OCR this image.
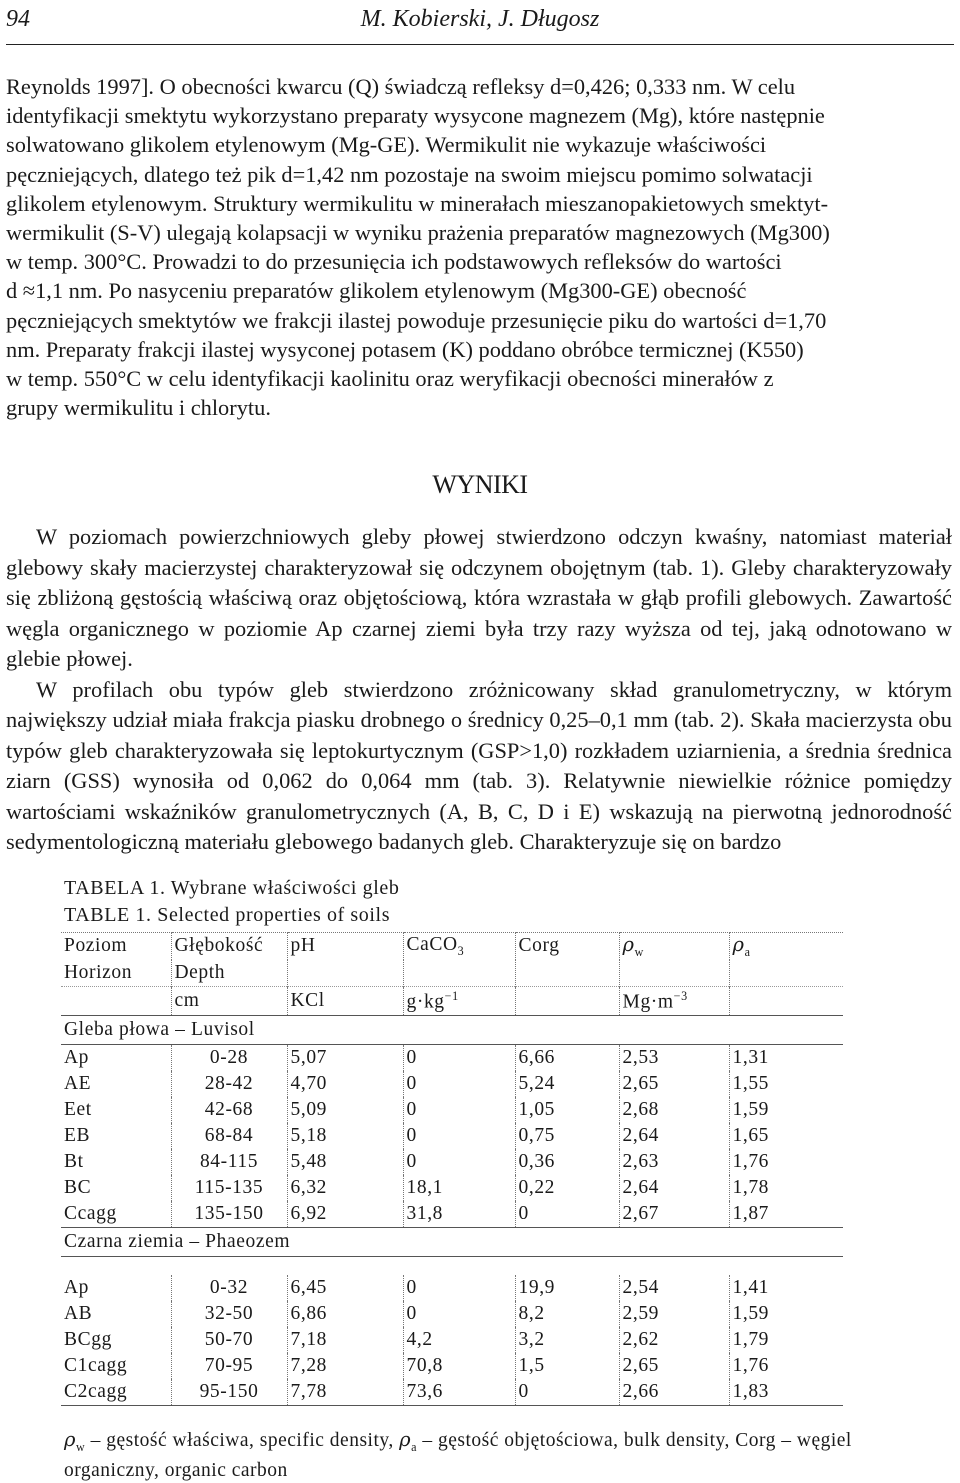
94	M. Kobierski, J. Długosz

Reynolds 1997]. O obecności kwarcu (Q) świadczą refleksy d=0,426; 0,333 nm. W celu

identyfikacji smektytu wykorzystano preparaty wysycone magnezem (Mg), które następnie

solwatowano glikolem etylenowym (Mg-GE). Wermikulit nie wykazuje właściwości

pęczniejących, dlatego też pik d=1,42 nm pozostaje na swoim miejscu pomimo solwatacji

glikolem etylenowym. Struktury wermikulitu w minerałach mieszanopakietowych smektyt-

wermikulit (S-V) ulegają kolapsacji w wyniku prażenia preparatów magnezowych (Mg300)

w temp. 300°C. Prowadzi to do przesunięcia ich podstawowych refleksów do wartości

d ≈1,1 nm. Po nasyceniu preparatów glikolem etylenowym (Mg300-GE) obecność

pęczniejących smektytów we frakcji ilastej powoduje przesunięcie piku do wartości d=1,70

nm. Preparaty frakcji ilastej wysyconej potasem (K) poddano obróbce termicznej (K550)

w temp. 550°C w celu identyfikacji kaolinitu oraz weryfikacji obecności minerałów z

grupy wermikulitu i chlorytu.

WYNIKI

W poziomach powierzchniowych gleby płowej stwierdzono odczyn kwaśny, natomiast materiał glebowy skały macierzystej charakteryzował się odczynem obojętnym (tab. 1). Gleby charakteryzowały się zbliżoną gęstością właściwą oraz objętościową, która wzrastała w głąb profili glebowych. Zawartość węgla organicznego w poziomie Ap czarnej ziemi była trzy razy wyższa od tej, jaką odnotowano w glebie płowej.

W profilach obu typów gleb stwierdzono zróżnicowany skład granulometryczny, w którym największy udział miała frakcja piasku drobnego o średnicy 0,25–0,1 mm (tab. 2). Skała macierzysta obu typów gleb charakteryzowała się leptokurtycznym (GSP>1,0) rozkładem uziarnienia, a średnia średnica ziarn (GSS) wynosiła od 0,062 do 0,064 mm (tab. 3). Relatywnie niewielkie różnice pomiędzy wartościami wskaźników granulometrycznych (A, B, C, D i E) wskazują na pierwotną jednorodność sedymentologiczną materiału glebowego badanych gleb. Charakteryzuje się on bardzo

TABELA 1. Wybrane właściwości gleb
TABLE 1. Selected properties of soils
Poziom	Głębokość	pH	CaCO$_3$	Corg	$\rho_w$	$\rho_a$
Horizon	Depth					
	cm	KCl	$g\cdot kg^{-1}$		$Mg\cdot m^{-3}$	
Gleba płowa – Luvisol						
Ap	0-28	5,07	0	6,66	2,53	1,31
AE	28-42	4,70	0	5,24	2,65	1,55
Eet	42-68	5,09	0	1,05	2,68	1,59
EB	68-84	5,18	0	0,75	2,64	1,65
Bt	84-115	5,48	0	0,36	2,63	1,76
BC	115-135	6,32	18,1	0,22	2,64	1,78
Ccagg	135-150	6,92	31,8	0	2,67	1,87
Czarna ziemia – Phaeozem						

Ap	0-32	6,45	0	19,9	2,54	1,41
AB	32-50	6,86	0	8,2	2,59	1,59
BCgg	50-70	7,18	4,2	3,2	2,62	1,79
C1cagg	70-95	7,28	70,8	1,5	2,65	1,76
C2cagg	95-150	7,78	73,6	0	2,66	1,83
$\rho_w$ – gęstość właściwa, specific density, $\rho_a$ – gęstość objętościowa, bulk density, Corg – węgiel organiczny, organic carbon
